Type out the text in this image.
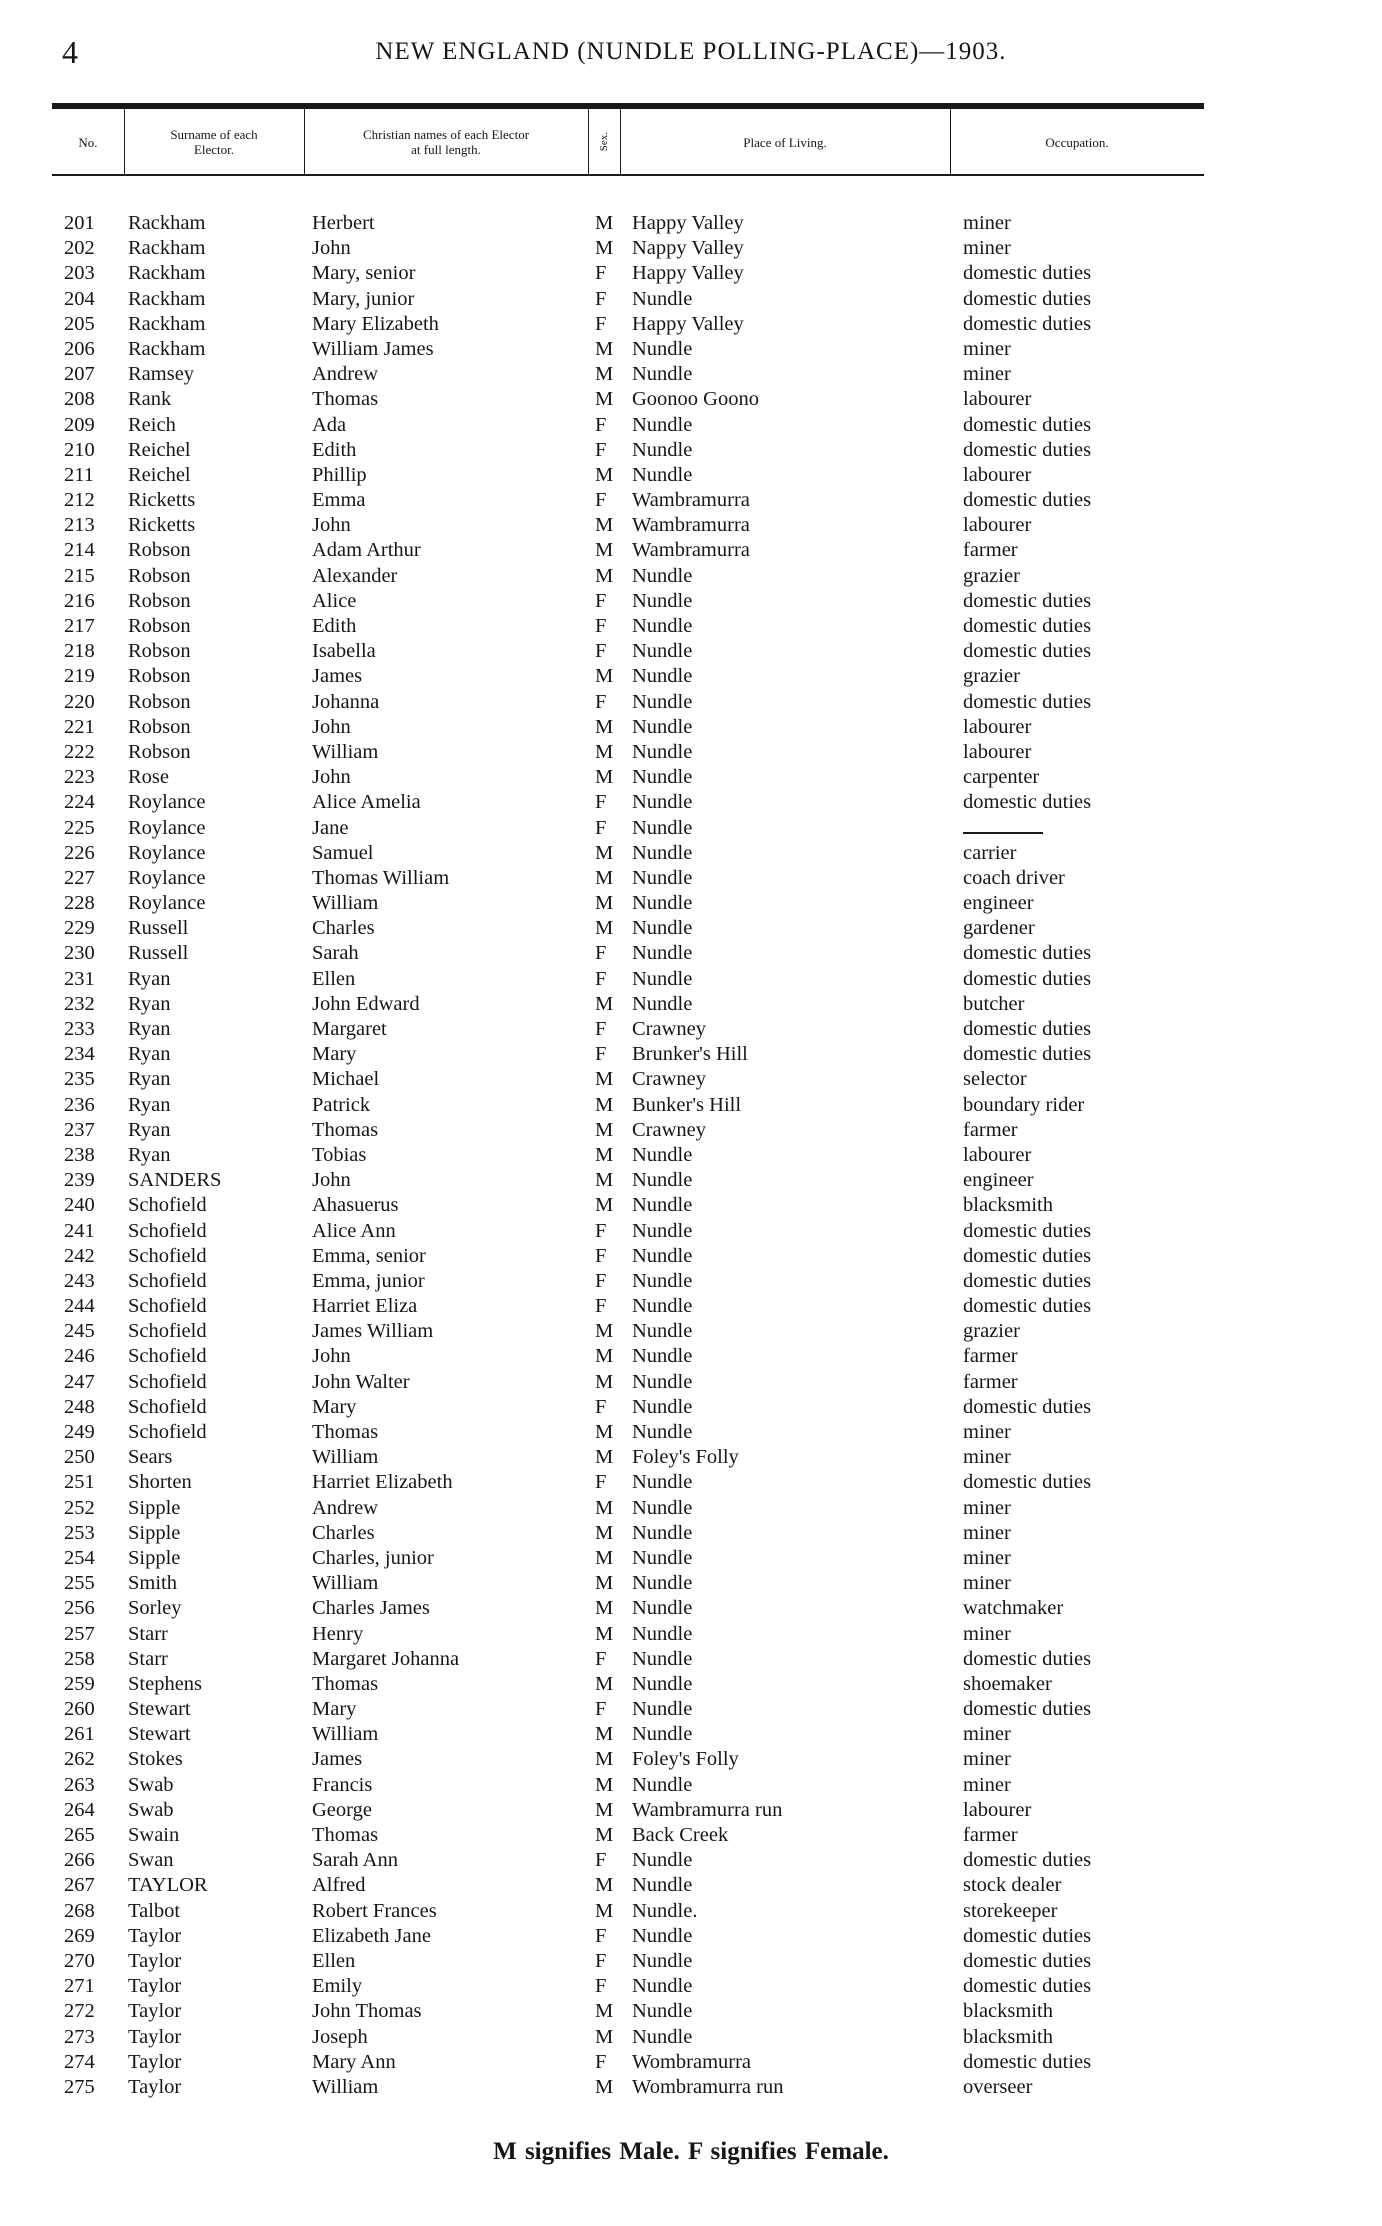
4	NEW ENGLAND (NUNDLE POLLING-PLACE)—1903.
No.	Surname of each
Elector.
Christian names of each Elector
at full length.	Sex.	Place of Living.	Occupation.
201 Rackham	Herbert	M Happy Valley	miner
202 Rackham	John	M Nappy Valley	miner
203 Rackham	Mary, senior	F Happy Valley	domestic duties
204 Rackham	Mary, junior	F Nundle	domestic duties
205 Rackham	Mary Elizabeth	F Happy Valley	domestic duties
206 Rackham	William James	M Nundle	miner
207 Ramsey	Andrew	M Nundle	miner
208 Rank	Thomas	M Goonoo Goono	labourer
209 Reich	Ada	F Nundle	domestic duties
210 Reichel	Edith	F Nundle	domestic duties
211 Reichel	Phillip	M Nundle	labourer
212 Ricketts	Emma	F Wambramurra	domestic duties
213 Ricketts	John	M Wambramurra	labourer
214 Robson	Adam Arthur	M Wambramurra	farmer
215 Robson	Alexander	M Nundle	grazier
216 Robson	Alice	F Nundle	domestic duties
217 Robson	Edith	F Nundle	domestic duties
218 Robson	Isabella	F Nundle	domestic duties
219 Robson	James	M Nundle	grazier
220 Robson	Johanna	F Nundle	domestic duties
221 Robson	John	M Nundle	labourer
222 Robson	William	M Nundle	labourer
223 Rose	John	M Nundle	carpenter
224 Roylance	Alice Amelia	F Nundle	domestic duties
225 Roylance	Jane	F Nundle
226 Roylance	Samuel	M Nundle	carrier
227 Roylance	Thomas William	M Nundle	coach driver
228 Roylance	William	M Nundle	engineer
229 Russell	Charles	M Nundle	gardener
230 Russell	Sarah	F Nundle	domestic duties
231 Ryan	Ellen	F Nundle	domestic duties
232 Ryan	John Edward	M Nundle	butcher
233 Ryan	Margaret	F Crawney	domestic duties
234 Ryan	Mary	F Brunker's Hill	domestic duties
235 Ryan	Michael	M Crawney	selector
236 Ryan	Patrick	M Bunker's Hill	boundary rider
237 Ryan	Thomas	M Crawney	farmer
238 Ryan	Tobias	M Nundle	labourer
239 SANDERS	John	M Nundle	engineer
240 Schofield	Ahasuerus	M Nundle	blacksmith
241 Schofield	Alice Ann	F Nundle	domestic duties
242 Schofield	Emma, senior	F Nundle	domestic duties
243 Schofield	Emma, junior	F Nundle	domestic duties
244 Schofield	Harriet Eliza	F Nundle	domestic duties
245 Schofield	James William	M Nundle	grazier
246 Schofield	John	M Nundle	farmer
247 Schofield	John Walter	M Nundle	farmer
248 Schofield	Mary	F Nundle	domestic duties
249 Schofield	Thomas	M Nundle	miner
250 Sears	William	M Foley's Folly	miner
251 Shorten	Harriet Elizabeth	F Nundle	domestic duties
252 Sipple	Andrew	M Nundle	miner
253 Sipple	Charles	M Nundle	miner
254 Sipple	Charles, junior	M Nundle	miner
255 Smith	William	M Nundle	miner
256 Sorley	Charles James	M Nundle	watchmaker
257 Starr	Henry	M Nundle	miner
258 Starr	Margaret Johanna	F Nundle	domestic duties
259 Stephens	Thomas	M Nundle	shoemaker
260 Stewart	Mary	F Nundle	domestic duties
261 Stewart	William	M Nundle	miner
262 Stokes	James	M Foley's Folly	miner
263 Swab	Francis	M Nundle	miner
264 Swab	George	M Wambramurra run	labourer
265 Swain	Thomas	M Back Creek	farmer
266 Swan	Sarah Ann	F Nundle	domestic duties
267 TAYLOR	Alfred	M Nundle	stock dealer
268 Talbot	Robert Frances	M Nundle.	storekeeper
269 Taylor	Elizabeth Jane	F Nundle	domestic duties
270 Taylor	Ellen	F Nundle	domestic duties
271 Taylor	Emily	F Nundle	domestic duties
272 Taylor	John Thomas	M Nundle	blacksmith
273 Taylor	Joseph	M Nundle	blacksmith
274 Taylor	Mary Ann	F Wombramurra	domestic duties
275 Taylor	William	M Wombramurra run	overseer
M signifies Male. F signifies Female.
